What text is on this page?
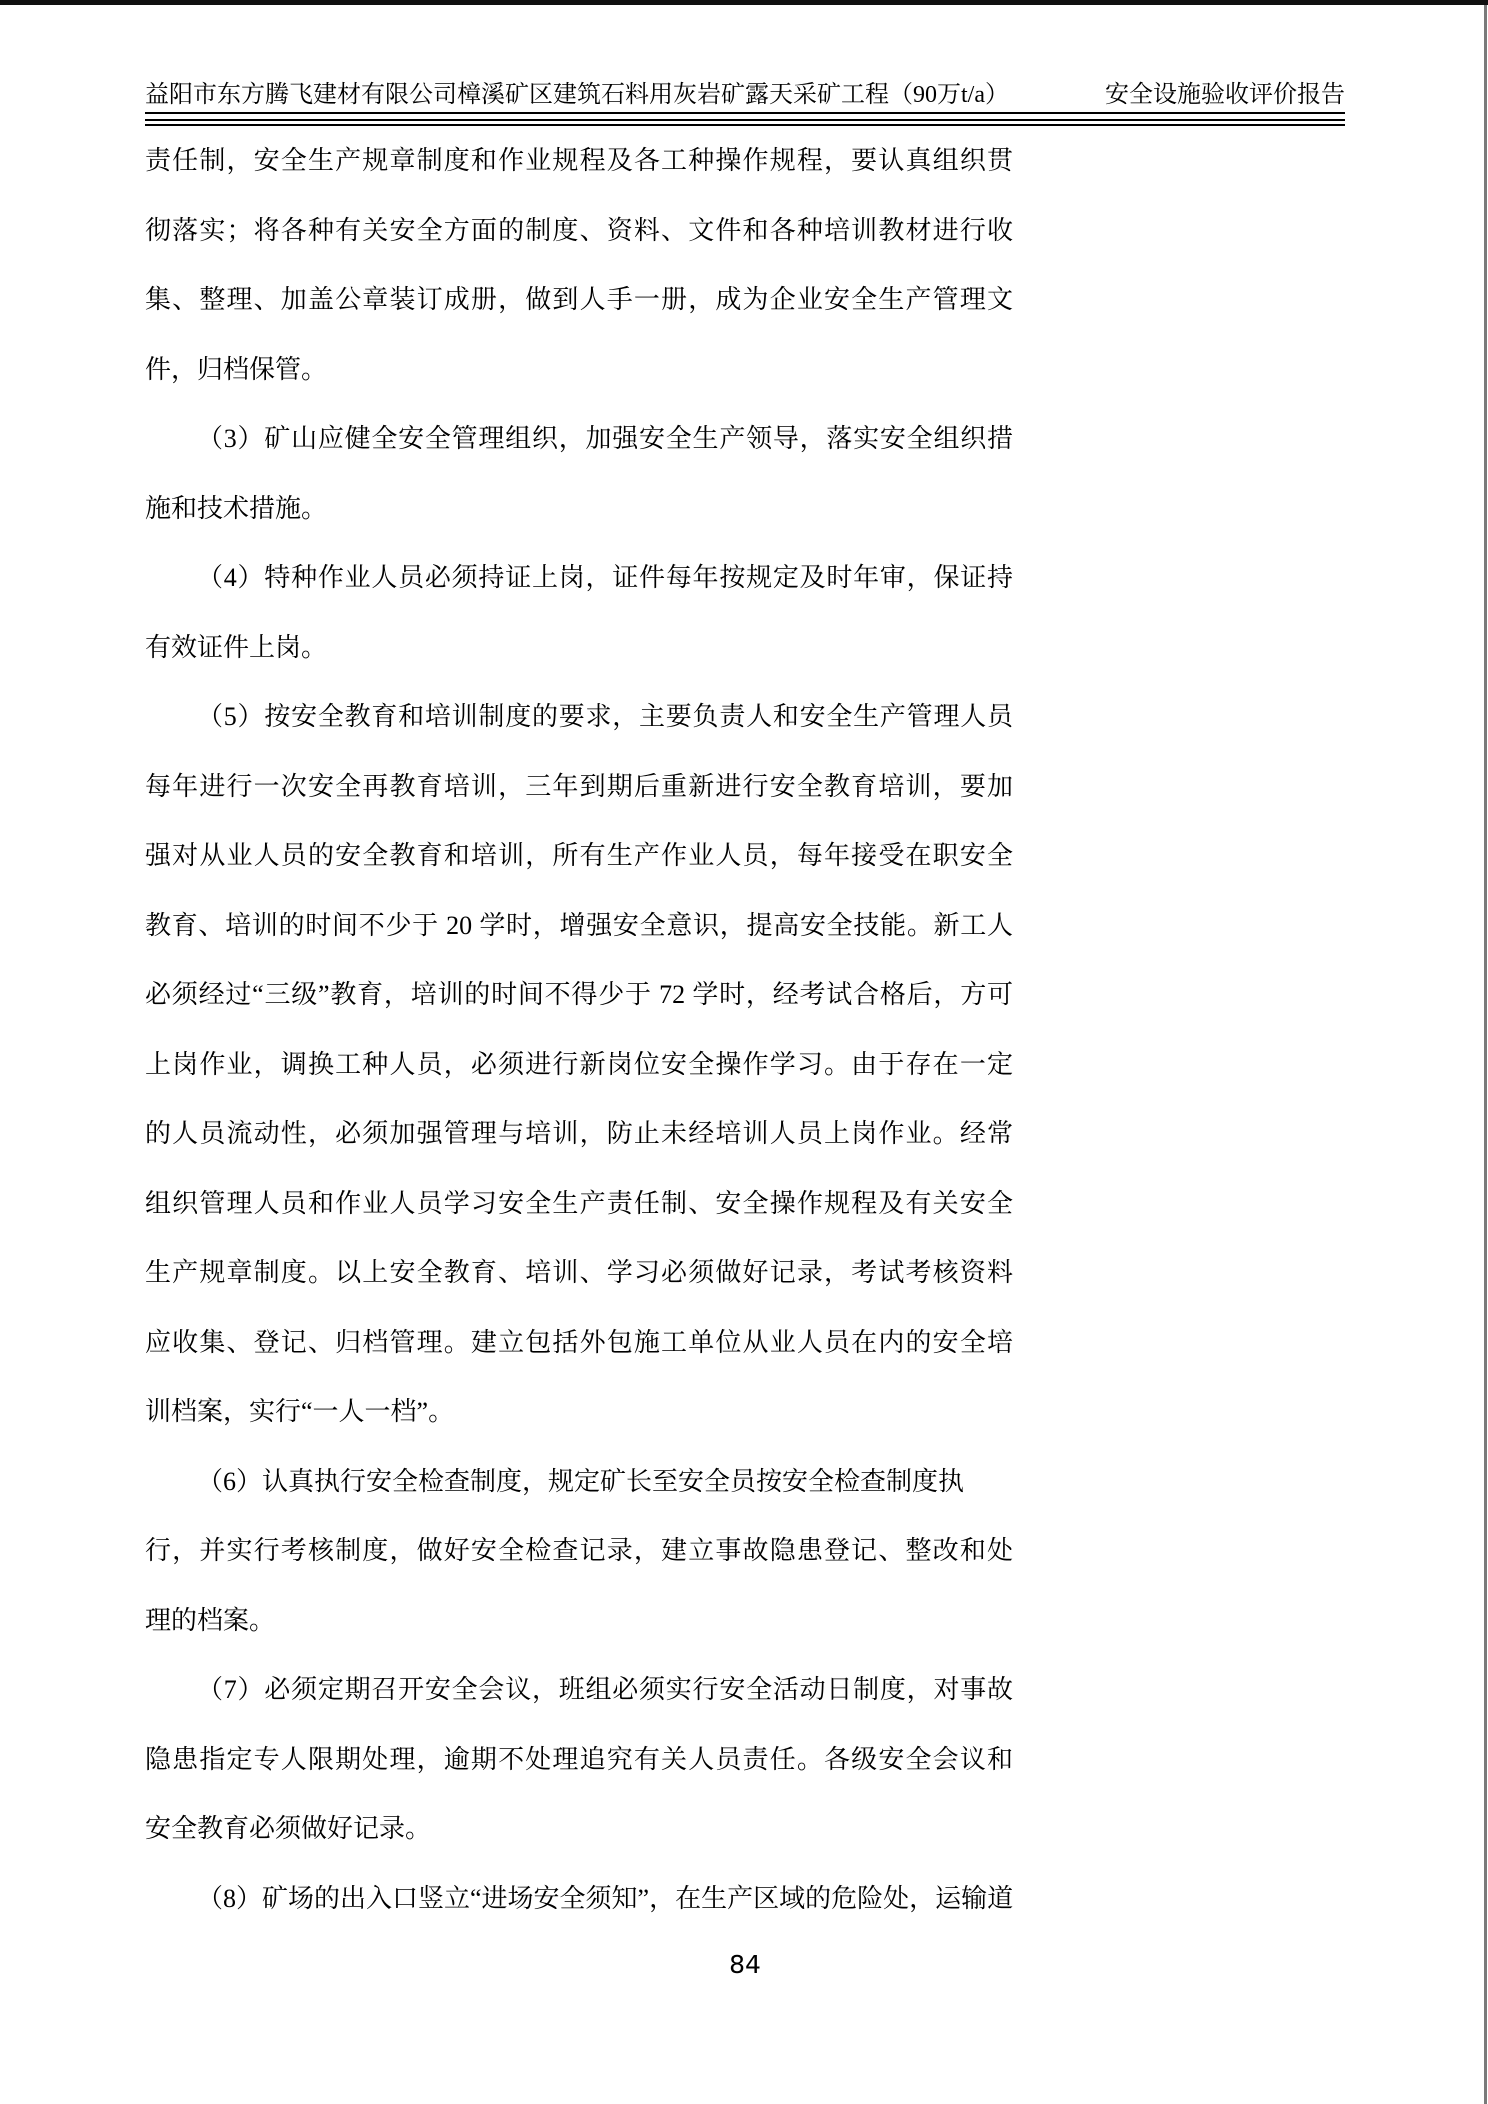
益阳市东方腾飞建材有限公司樟溪矿区建筑石料用灰岩矿露天采矿工程（90万t/a）	安全设施验收评价报告
责任制，安全生产规章制度和作业规程及各工种操作规程，要认真组织贯
彻落实；将各种有关安全方面的制度、资料、文件和各种培训教材进行收
集、整理、加盖公章装订成册，做到人手一册，成为企业安全生产管理文
件，归档保管。
（3）矿山应健全安全管理组织，加强安全生产领导，落实安全组织措
施和技术措施。
（4）特种作业人员必须持证上岗，证件每年按规定及时年审，保证持
有效证件上岗。
（5）按安全教育和培训制度的要求，主要负责人和安全生产管理人员
每年进行一次安全再教育培训，三年到期后重新进行安全教育培训，要加
强对从业人员的安全教育和培训，所有生产作业人员，每年接受在职安全
教育、培训的时间不少于 20 学时，增强安全意识，提高安全技能。新工人
必须经过“三级”教育，培训的时间不得少于 72 学时，经考试合格后，方可
上岗作业，调换工种人员，必须进行新岗位安全操作学习。由于存在一定
的人员流动性，必须加强管理与培训，防止未经培训人员上岗作业。经常
组织管理人员和作业人员学习安全生产责任制、安全操作规程及有关安全
生产规章制度。以上安全教育、培训、学习必须做好记录，考试考核资料
应收集、登记、归档管理。建立包括外包施工单位从业人员在内的安全培
训档案，实行“一人一档”。
（6）认真执行安全检查制度，规定矿长至安全员按安全检查制度执
行，并实行考核制度，做好安全检查记录，建立事故隐患登记、整改和处
理的档案。
（7）必须定期召开安全会议，班组必须实行安全活动日制度，对事故
隐患指定专人限期处理，逾期不处理追究有关人员责任。各级安全会议和
安全教育必须做好记录。
（8）矿场的出入口竖立“进场安全须知”，在生产区域的危险处，运输道
84
